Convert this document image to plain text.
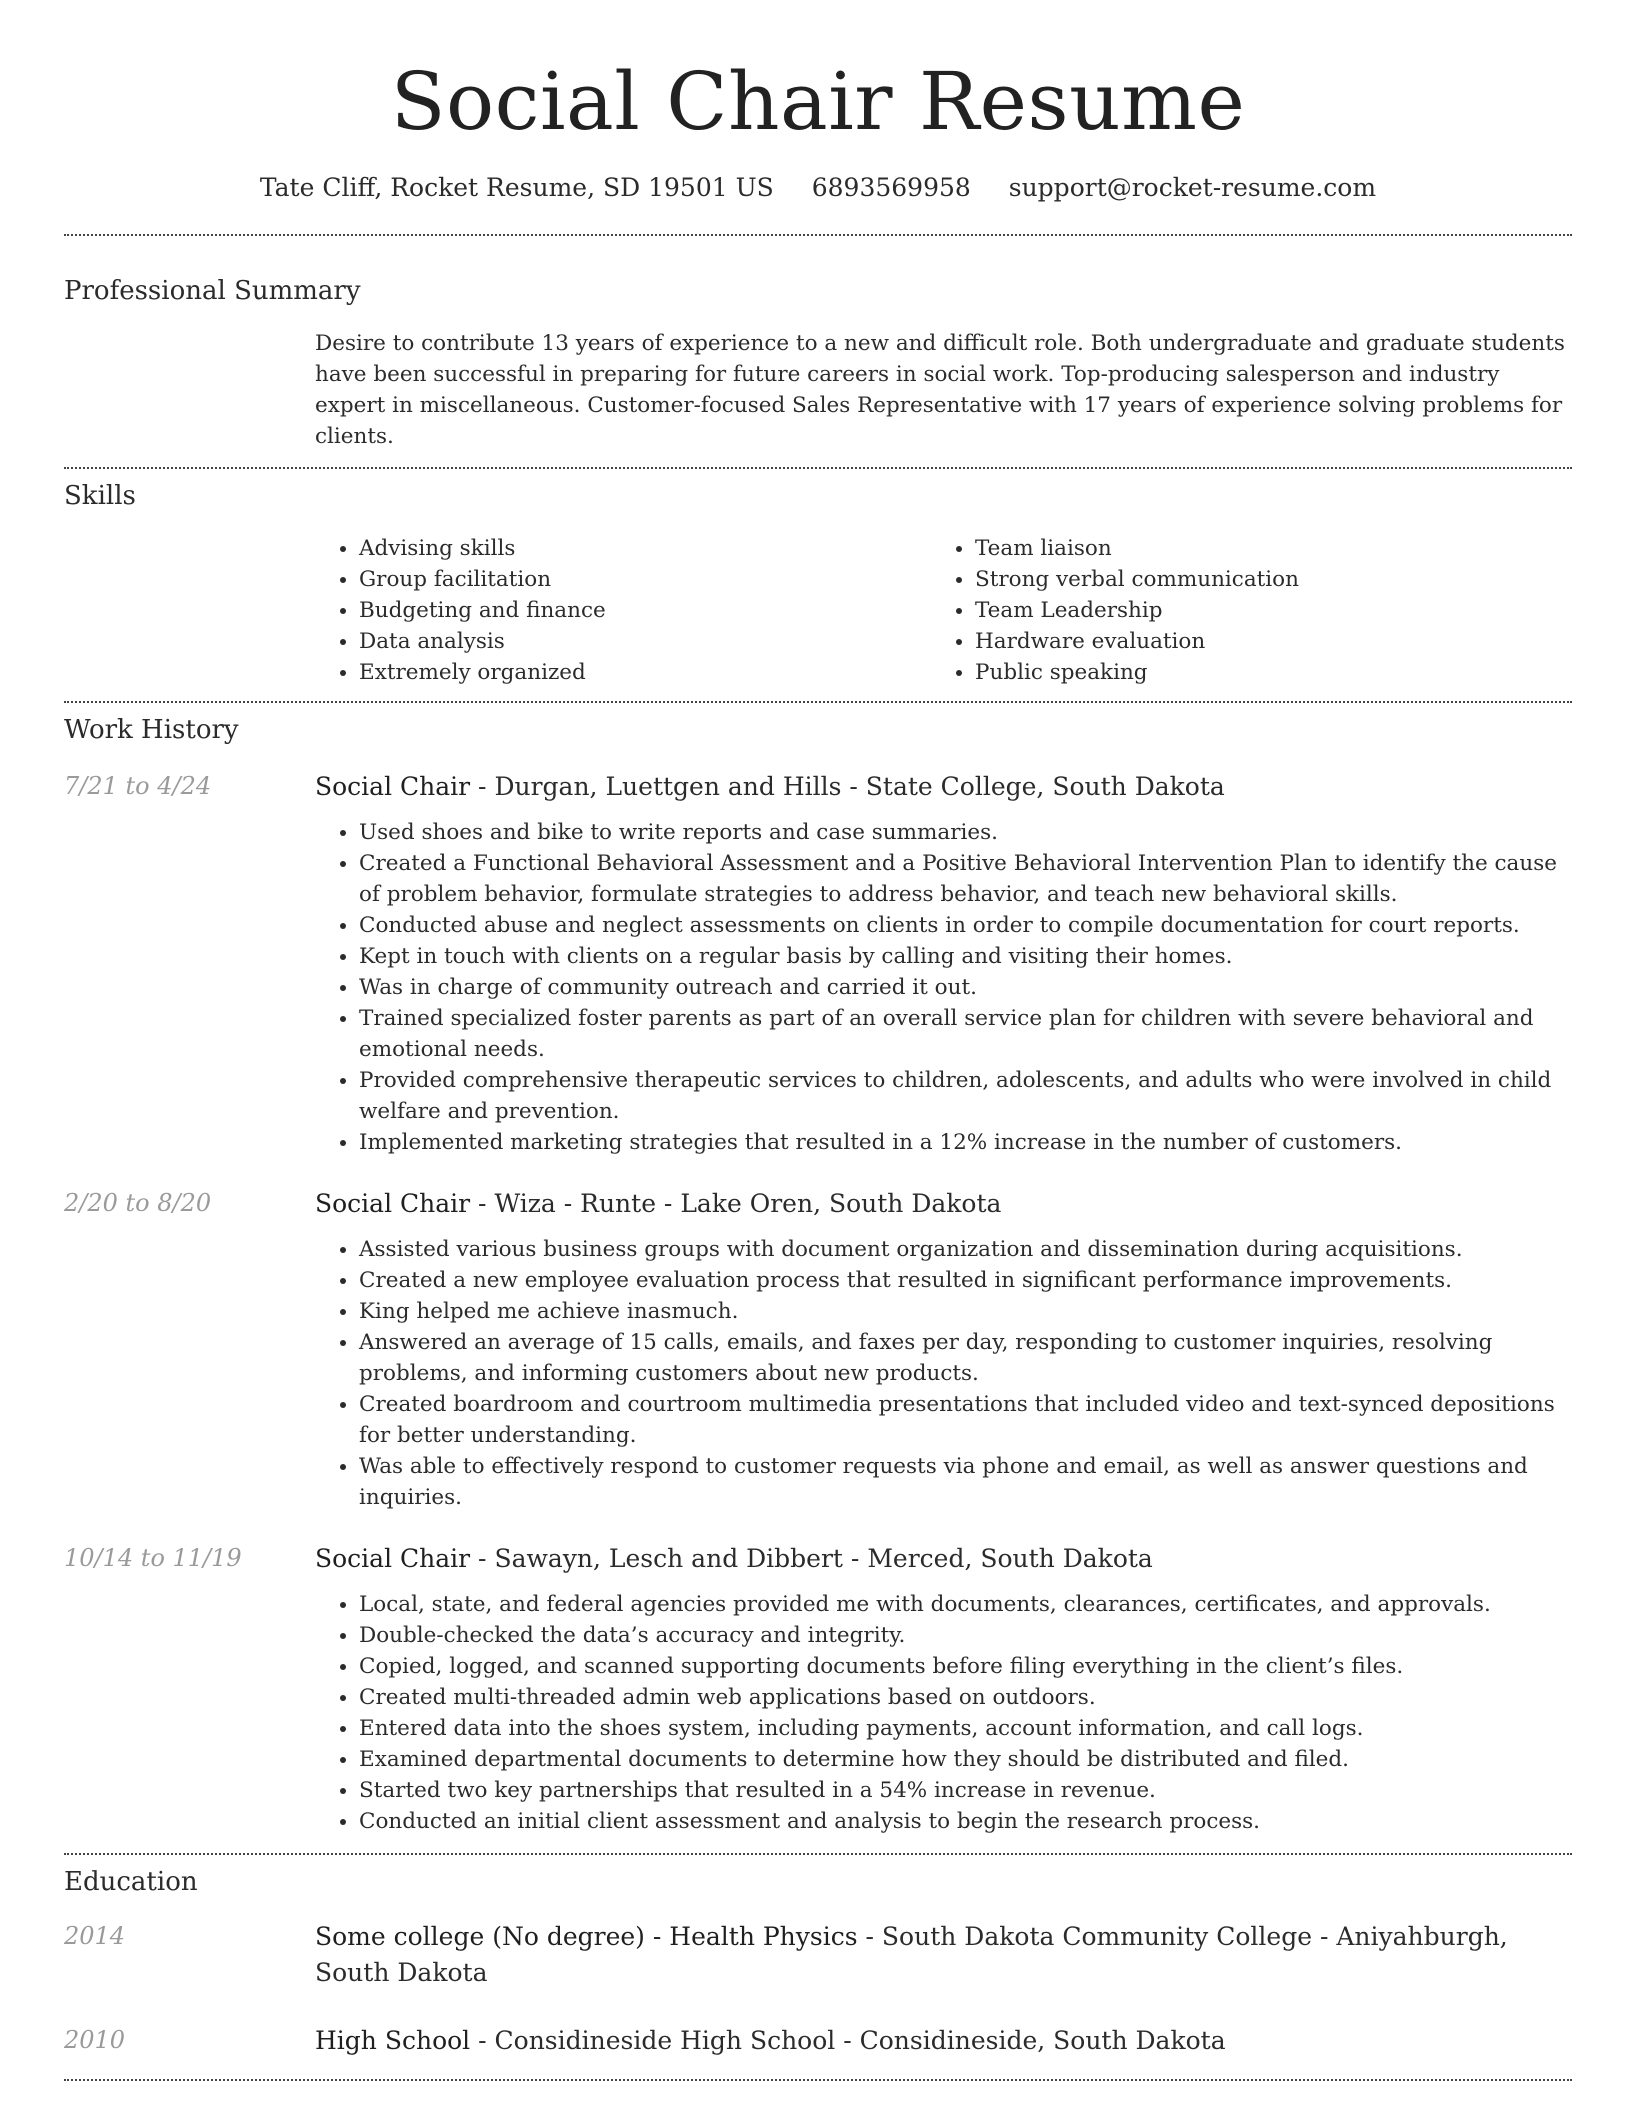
Social Chair Resume
Tate Cliff, Rocket Resume, SD 19501 US 6893569958 support@rocket-resume.com
Professional Summary

Desire to contribute 13 years of experience to a new and difficult role. Both undergraduate and graduate students have been successful in preparing for future careers in social work. Top-producing salesperson and industry expert in miscellaneous. Customer-focused Sales Representative with 17 years of experience solving problems for clients.

Skills
• Advising skills
• Group facilitation
• Budgeting and finance
• Data analysis
• Extremely organized
• Team liaison
• Strong verbal communication
• Team Leadership
• Hardware evaluation
• Public speaking
Work History
7/21 to 4/24	Social Chair - Durgan, Luettgen and Hills - State College, South Dakota
• Used shoes and bike to write reports and case summaries.
• Created a Functional Behavioral Assessment and a Positive Behavioral Intervention Plan to identify the cause of problem behavior, formulate strategies to address behavior, and teach new behavioral skills.
• Conducted abuse and neglect assessments on clients in order to compile documentation for court reports.
• Kept in touch with clients on a regular basis by calling and visiting their homes.
• Was in charge of community outreach and carried it out.
• Trained specialized foster parents as part of an overall service plan for children with severe behavioral and emotional needs.
• Provided comprehensive therapeutic services to children, adolescents, and adults who were involved in child welfare and prevention.
• Implemented marketing strategies that resulted in a 12% increase in the number of customers.
2/20 to 8/20	Social Chair - Wiza - Runte - Lake Oren, South Dakota
• Assisted various business groups with document organization and dissemination during acquisitions.
• Created a new employee evaluation process that resulted in significant performance improvements.
• King helped me achieve inasmuch.
• Answered an average of 15 calls, emails, and faxes per day, responding to customer inquiries, resolving problems, and informing customers about new products.
• Created boardroom and courtroom multimedia presentations that included video and text-synced depositions for better understanding.
• Was able to effectively respond to customer requests via phone and email, as well as answer questions and inquiries.
10/14 to 11/19	Social Chair - Sawayn, Lesch and Dibbert - Merced, South Dakota
• Local, state, and federal agencies provided me with documents, clearances, certificates, and approvals.
• Double-checked the data’s accuracy and integrity.
• Copied, logged, and scanned supporting documents before filing everything in the client’s files.
• Created multi-threaded admin web applications based on outdoors.
• Entered data into the shoes system, including payments, account information, and call logs.
• Examined departmental documents to determine how they should be distributed and filed.
• Started two key partnerships that resulted in a 54% increase in revenue.
• Conducted an initial client assessment and analysis to begin the research process.
Education
2014	Some college (No degree) - Health Physics - South Dakota Community College - Aniyahburgh, South Dakota
2010	High School - Considineside High School - Considineside, South Dakota
